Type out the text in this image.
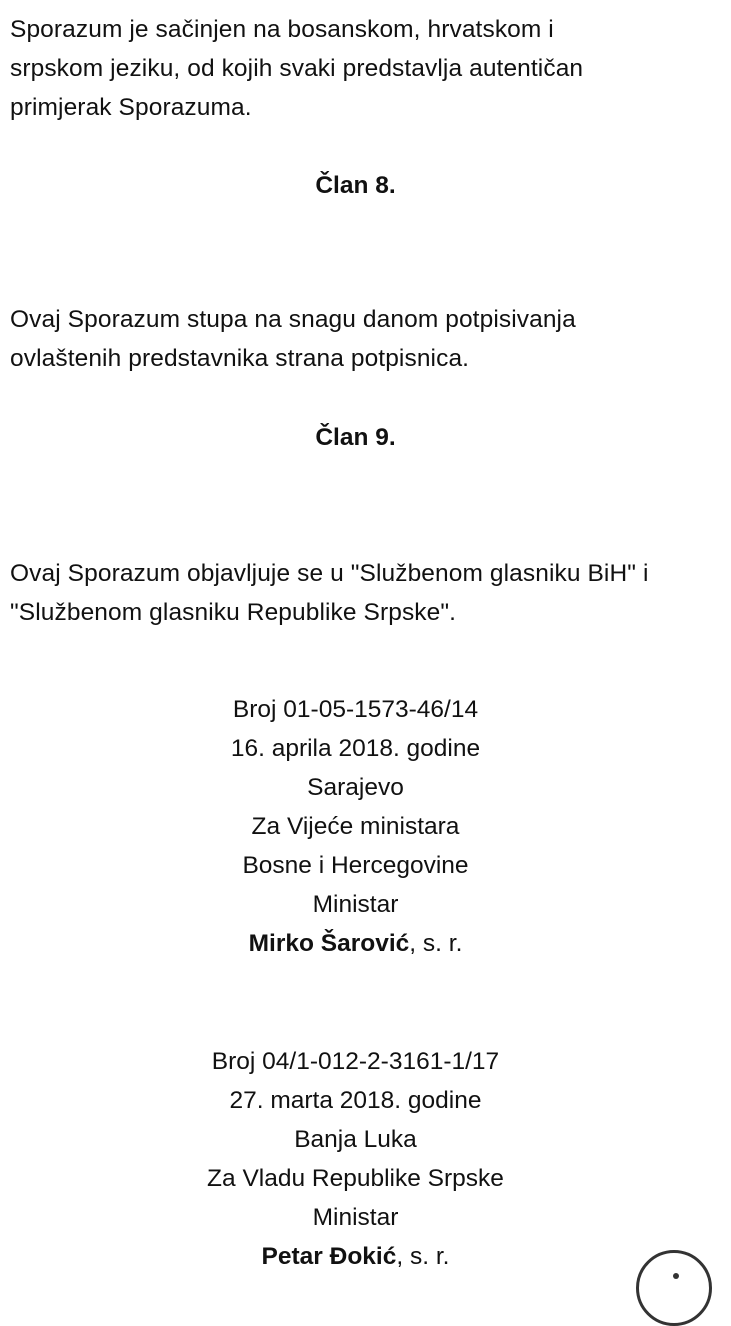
Sporazum je sačinjen na bosanskom, hrvatskom i
srpskom jeziku, od kojih svaki predstavlja autentičan
primjerak Sporazuma.

Član 8.

Ovaj Sporazum stupa na snagu danom potpisivanja
ovlaštenih predstavnika strana potpisnica.

Član 9.

Ovaj Sporazum objavljuje se u "Službenom glasniku BiH" i
"Službenom glasniku Republike Srpske".

Broj 01-05-1573-46/14
16. aprila 2018. godine
Sarajevo
Za Vijeće ministara
Bosne i Hercegovine
Ministar
Mirko Šarović, s. r.
Broj 04/1-012-2-3161-1/17
27. marta 2018. godine
Banja Luka
Za Vladu Republike Srpske
Ministar
Petar Đokić, s. r.
